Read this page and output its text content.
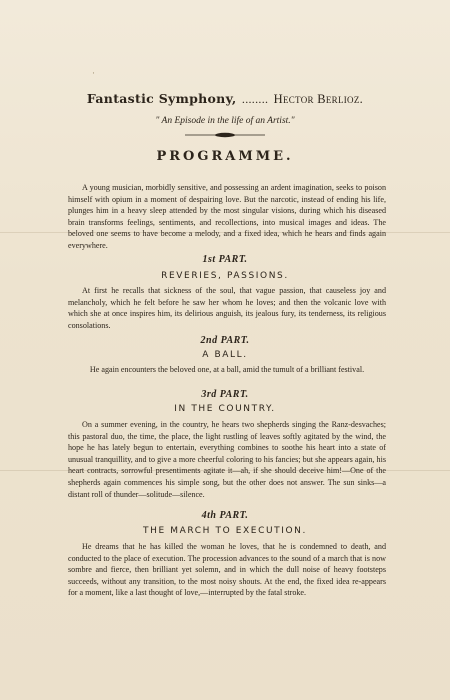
·
Fantastic Symphony, ........ Hector Berlioz.
" An Episode in the life of an Artist."
PROGRAMME.
A young musician, morbidly sensitive, and possessing an ardent imagination, seeks to poison himself with opium in a moment of despairing love. But the narcotic, instead of ending his life, plunges him in a heavy sleep attended by the most singular visions, during which his diseased brain transforms feelings, sentiments, and recollections, into musical images and ideas. The beloved one seems to have become a melody, and a fixed idea, which he hears and finds again everywhere.
1st PART.
REVERIES, PASSIONS.
At first he recalls that sickness of the soul, that vague passion, that causeless joy and melancholy, which he felt before he saw her whom he loves; and then the volcanic love with which she at once inspires him, its delirious anguish, its jealous fury, its tenderness, its religious consolations.
2nd PART.
A BALL.
He again encounters the beloved one, at a ball, amid the tumult of a brilliant festival.
3rd PART.
IN THE COUNTRY.
On a summer evening, in the country, he hears two shepherds singing the Ranz-desvaches; this pastoral duo, the time, the place, the light rustling of leaves softly agitated by the wind, the hope he has lately begun to entertain, everything combines to soothe his heart into a state of unusual tranquillity, and to give a more cheerful coloring to his fancies; but she appears again, his heart contracts, sorrowful presentiments agitate it—ah, if she should deceive him!—One of the shepherds again commences his simple song, but the other does not answer. The sun sinks—a distant roll of thunder—solitude—silence.
4th PART.
THE MARCH TO EXECUTION.
He dreams that he has killed the woman he loves, that he is condemned to death, and conducted to the place of execution. The procession advances to the sound of a march that is now sombre and fierce, then brilliant yet solemn, and in which the dull noise of heavy footsteps succeeds, without any transition, to the most noisy shouts. At the end, the fixed idea re-appears for a moment, like a last thought of love,—interrupted by the fatal stroke.
